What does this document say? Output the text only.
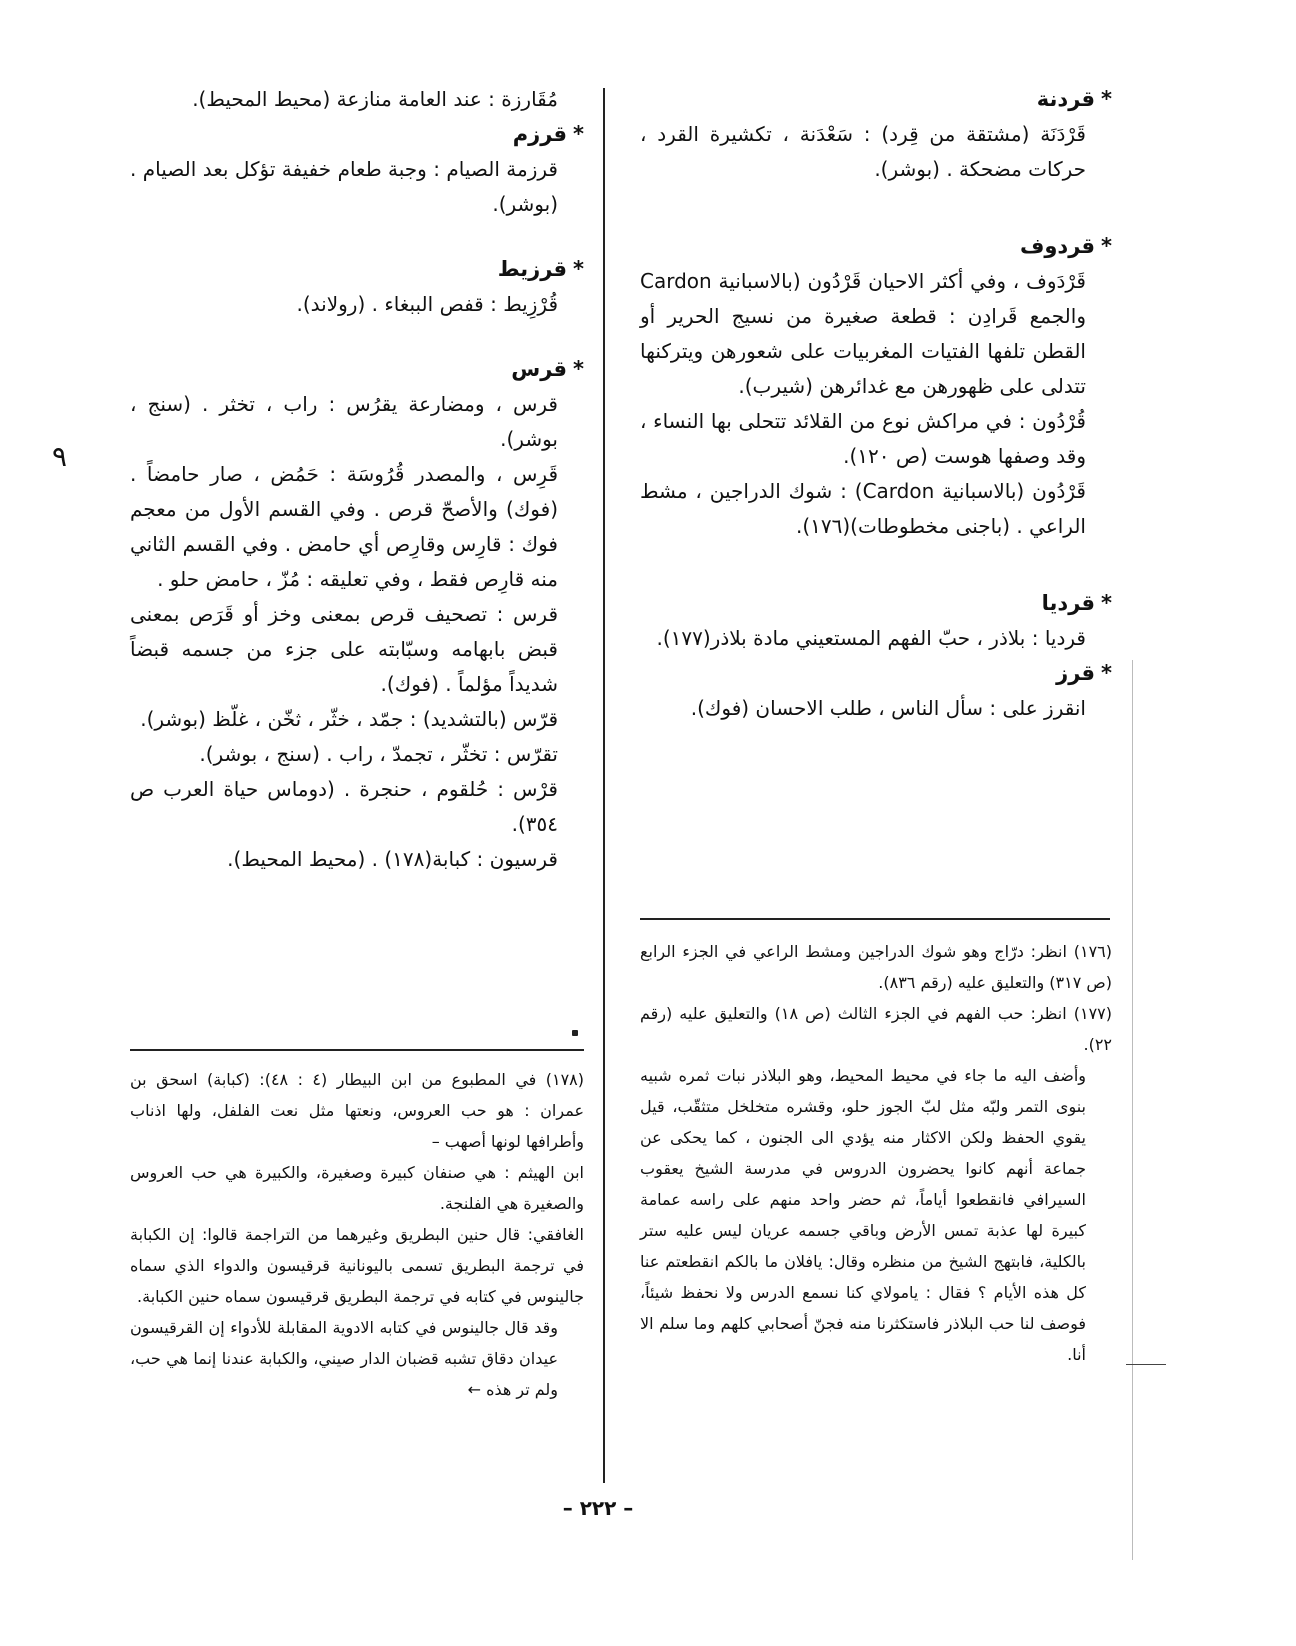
٩

*قردنة

قَرْدَنَة (مشتقة من قِرد) : سَعْدَنة ، تكشيرة القرد ، حركات مضحكة . (بوشر).

*قردوف

قَرْدَوف ، وفي أكثر الاحيان قَرْدُون (بالاسبانية Cardon والجمع قَرادِن : قطعة صغيرة من نسيج الحرير أو القطن تلفها الفتيات المغربيات على شعورهن ويتركنها تتدلى على ظهورهن مع غدائرهن (شيرب).

قُرْدُون : في مراكش نوع من القلائد تتحلى بها النساء ، وقد وصفها هوست (ص ١٢٠).

قَرْدُون (بالاسبانية Cardon) : شوك الدراجين ، مشط الراعي . (باجنى مخطوطات)(١٧٦).

*قرديا

قرديا : بلاذر ، حبّ الفهم المستعيني مادة بلاذر(١٧٧).

*قرز

انقرز على : سأل الناس ، طلب الاحسان (فوك).

(١٧٦) انظر: درّاج وهو شوك الدراجين ومشط الراعي في الجزء الرابع (ص ٣١٧) والتعليق عليه (رقم ٨٣٦).

(١٧٧) انظر: حب الفهم في الجزء الثالث (ص ١٨) والتعليق عليه (رقم ٢٢).

وأضف اليه ما جاء في محيط المحيط، وهو البلاذر نبات ثمره شبيه بنوى التمر ولبّه مثل لبّ الجوز حلو، وقشره متخلخل متثقّب، قيل يقوي الحفظ ولكن الاكثار منه يؤدي الى الجنون ، كما يحكى عن جماعة أنهم كانوا يحضرون الدروس في مدرسة الشيخ يعقوب السيرافي فانقطعوا أياماً، ثم حضر واحد منهم على راسه عمامة كبيرة لها عذبة تمس الأرض وباقي جسمه عريان ليس عليه ستر بالكلية، فابتهج الشيخ من منظره وقال: يافلان ما بالكم انقطعتم عنا كل هذه الأيام ؟ فقال : يامولاي كنا نسمع الدرس ولا نحفظ شيئاً، فوصف لنا حب البلاذر فاستكثرنا منه فجنّ أصحابي كلهم وما سلم الا أنا.

مُقَارزة : عند العامة منازعة (محيط المحيط).

*قرزم

قرزمة الصيام : وجبة طعام خفيفة تؤكل بعد الصيام . (بوشر).

*قرزيط

قُرْزِيط : قفص الببغاء . (رولاند).

*قرس

قرس ، ومضارعة يقرُس : راب ، تخثر . (سنج ، بوشر).

قَرِس ، والمصدر قُرُوسَة : حَمُض ، صار حامضاً . (فوك) والأصحّ قرص . وفي القسم الأول من معجم فوك : قارِس وقارِص أي حامض . وفي القسم الثاني منه قارِص فقط ، وفي تعليقه : مُزّ ، حامض حلو .

قرس : تصحيف قرص بمعنى وخز أو قَرَص بمعنى قبض بابهامه وسبّابته على جزء من جسمه قبضاً شديداً مؤلماً . (فوك).

قرّس (بالتشديد) : جمّد ، خثّر ، ثخّن ، غلّظ (بوشر).

تقرّس : تخثّر ، تجمدّ ، راب . (سنج ، بوشر).

قرْس : حُلقوم ، حنجرة . (دوماس حياة العرب ص ٣٥٤).

قرسيون : كبابة(١٧٨) . (محيط المحيط).

(١٧٨) في المطبوع من ابن البيطار (٤ : ٤٨): (كبابة) اسحق بن عمران : هو حب العروس، ونعتها مثل نعت الفلفل، ولها اذناب وأطرافها لونها أصهب –

ابن الهيثم : هي صنفان كبيرة وصغيرة، والكبيرة هي حب العروس والصغيرة هي الفلنجة.

الغافقي: قال حنين البطريق وغيرهما من التراجمة قالوا: إن الكبابة في ترجمة البطريق تسمى باليونانية قرقيسون والدواء الذي سماه جالينوس في كتابه في ترجمة البطريق قرقيسون سماه حنين الكبابة.

وقد قال جالينوس في كتابه الادوية المقابلة للأدواء إن القرقيسون عيدان دقاق تشبه قضبان الدار صيني، والكبابة عندنا إنما هي حب، ولم تر هذه ←

– ٢٢٢ –
